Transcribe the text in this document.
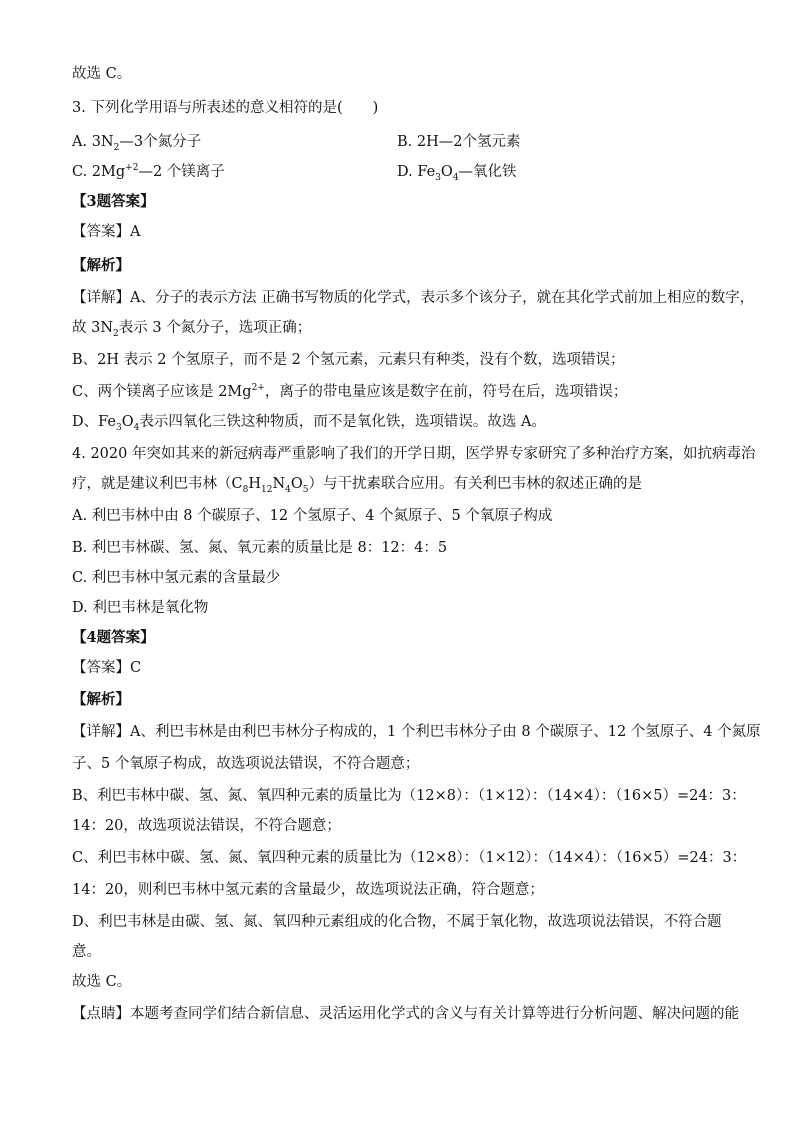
故选 C。
3. 下列化学用语与所表述的意义相符的是( )
A. $3N_2—3$个氮分子	B. 2H—2个氢元素
C. $2Mg^{+2}—2$ 个镁离子	D. $Fe_3O_4—$氧化铁
【3题答案】
【答案】A
【解析】
【详解】A、分子的表示方法 正确书写物质的化学式，表示多个该分子，就在其化学式前加上相应的数字，
故 $3N_2$表示 3 个氮分子，选项正确；
B、2H 表示 2 个氢原子，而不是 2 个氢元素，元素只有种类，没有个数，选项错误；
C、两个镁离子应该是 $2Mg^{2+}$，离子的带电量应该是数字在前，符号在后，选项错误；
D、$Fe_3O_4$表示四氧化三铁这种物质，而不是氧化铁，选项错误。故选 A。
4. 2020 年突如其来的新冠病毒严重影响了我们的开学日期，医学界专家研究了多种治疗方案，如抗病毒治
疗，就是建议利巴韦林$(C_8H_{12}N_4O_5)$与干扰素联合应用。有关利巴韦林的叙述正确的是
A. 利巴韦林中由 8 个碳原子、12 个氢原子、4 个氮原子、5 个氧原子构成
B. 利巴韦林碳、氢、氮、氧元素的质量比是 8：12：4：5
C. 利巴韦林中氢元素的含量最少
D. 利巴韦林是氧化物
【4题答案】
【答案】C
【解析】
【详解】A、利巴韦林是由利巴韦林分子构成的，1 个利巴韦林分子由 8 个碳原子、12 个氢原子、4 个氮原
子、5 个氧原子构成，故选项说法错误，不符合题意；
B、利巴韦林中碳、氢、氮、氧四种元素的质量比为（12×8）：（1×12）：（14×4）：（16×5）=24：3：
14：20，故选项说法错误，不符合题意；
C、利巴韦林中碳、氢、氮、氧四种元素的质量比为（12×8）：（1×12）：（14×4）：（16×5）=24：3：
14：20，则利巴韦林中氢元素的含量最少，故选项说法正确，符合题意；
D、利巴韦林是由碳、氢、氮、氧四种元素组成的化合物，不属于氧化物，故选项说法错误，不符合题
意。
故选 C。
【点睛】本题考查同学们结合新信息、灵活运用化学式的含义与有关计算等进行分析问题、解决问题的能
